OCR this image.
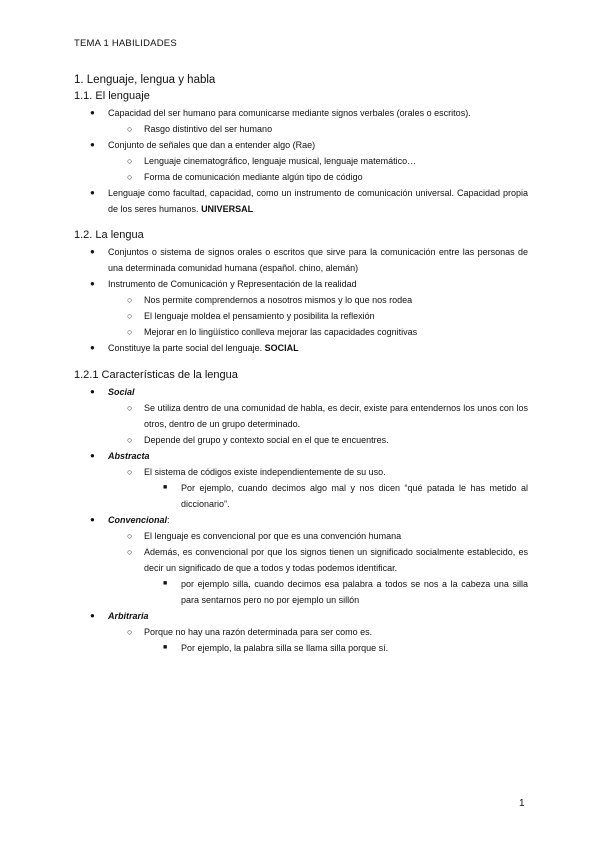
TEMA 1 HABILIDADES
1. Lenguaje, lengua y habla
1.1. El lenguaje
● Capacidad del ser humano para comunicarse mediante signos verbales (orales o escritos).
○ Rasgo distintivo del ser humano
● Conjunto de señales que dan a entender algo (Rae)
○ Lenguaje cinematográfico, lenguaje musical, lenguaje matemático…
○ Forma de comunicación mediante algún tipo de código
● Lenguaje como facultad, capacidad, como un instrumento de comunicación universal. Capacidad propia de los seres humanos. UNIVERSAL
1.2. La lengua
● Conjuntos o sistema de signos orales o escritos que sirve para la comunicación entre las personas de una determinada comunidad humana (español. chino, alemán)
● Instrumento de Comunicación y Representación de la realidad
○ Nos permite comprendernos a nosotros mismos y lo que nos rodea
○ El lenguaje moldea el pensamiento y posibilita la reflexión
○ Mejorar en lo lingüístico conlleva mejorar las capacidades cognitivas
● Constituye la parte social del lenguaje. SOCIAL
1.2.1 Características de la lengua
● Social
○ Se utiliza dentro de una comunidad de habla, es decir, existe para entendernos los unos con los otros, dentro de un grupo determinado.
○ Depende del grupo y contexto social en el que te encuentres.
● Abstracta
○ El sistema de códigos existe independientemente de su uso.
■ Por ejemplo, cuando decimos algo mal y nos dicen “qué patada le has metido al diccionario”.
● Convencional:
○ El lenguaje es convencional por que es una convención humana
○ Además, es convencional por que los signos tienen un significado socialmente establecido, es decir un significado de que a todos y todas podemos identificar.
■ por ejemplo silla, cuando decimos esa palabra a todos se nos a la cabeza una silla para sentarnos pero no por ejemplo un sillón
● Arbitraria
○ Porque no hay una razón determinada para ser como es.
■ Por ejemplo, la palabra silla se llama silla porque sí.
1
